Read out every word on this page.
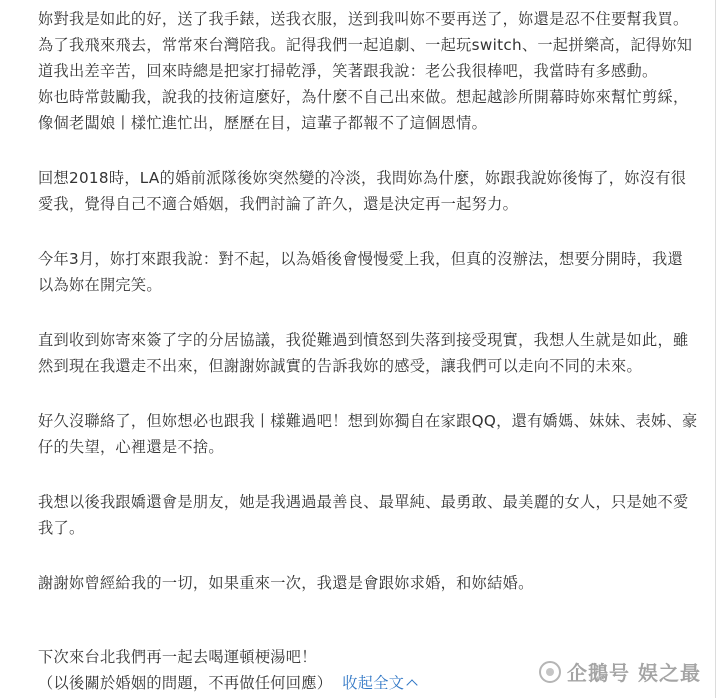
妳對我是如此的好，送了我手錶，送我衣服，送到我叫妳不要再送了，妳還是忍不住要幫我買。為了我飛來飛去，常常來台灣陪我。記得我們一起追劇、一起玩switch、一起拼樂高，記得妳知道我出差辛苦，回來時總是把家打掃乾淨，笑著跟我說：老公我很棒吧，我當時有多感動。

妳也時常鼓勵我，說我的技術這麼好，為什麼不自己出來做。想起越診所開幕時妳來幫忙剪綵，像個老闆娘丨樣忙進忙出，歷歷在目，這輩子都報不了這個恩情。

回想2018時，LA的婚前派隊後妳突然變的冷淡，我問妳為什麼，妳跟我說妳後悔了，妳沒有很愛我，覺得自己不適合婚姻，我們討論了許久，還是決定再一起努力。

今年3月，妳打來跟我說：對不起，以為婚後會慢慢愛上我，但真的沒辦法，想要分開時，我還以為妳在開完笑。

直到收到妳寄來簽了字的分居協議，我從難過到憤怒到失落到接受現實，我想人生就是如此，雖然到現在我還走不出來，但謝謝妳誠實的告訴我妳的感受，讓我們可以走向不同的未來。

好久沒聯絡了，但妳想必也跟我丨樣難過吧！想到妳獨自在家跟QQ，還有嬌媽、妹妹、表姊、豪仔的失望，心裡還是不捨。

我想以後我跟嬌還會是朋友，她是我遇過最善良、最單純、最勇敢、最美麗的女人，只是她不愛我了。

謝謝妳曾經給我的一切，如果重來一次，我還是會跟妳求婚，和妳結婚。

下次來台北我們再一起去喝運頓梗湯吧！
（以後關於婚姻的問題，不再做任何回應） 收起全文	企鵝号 娱之最
